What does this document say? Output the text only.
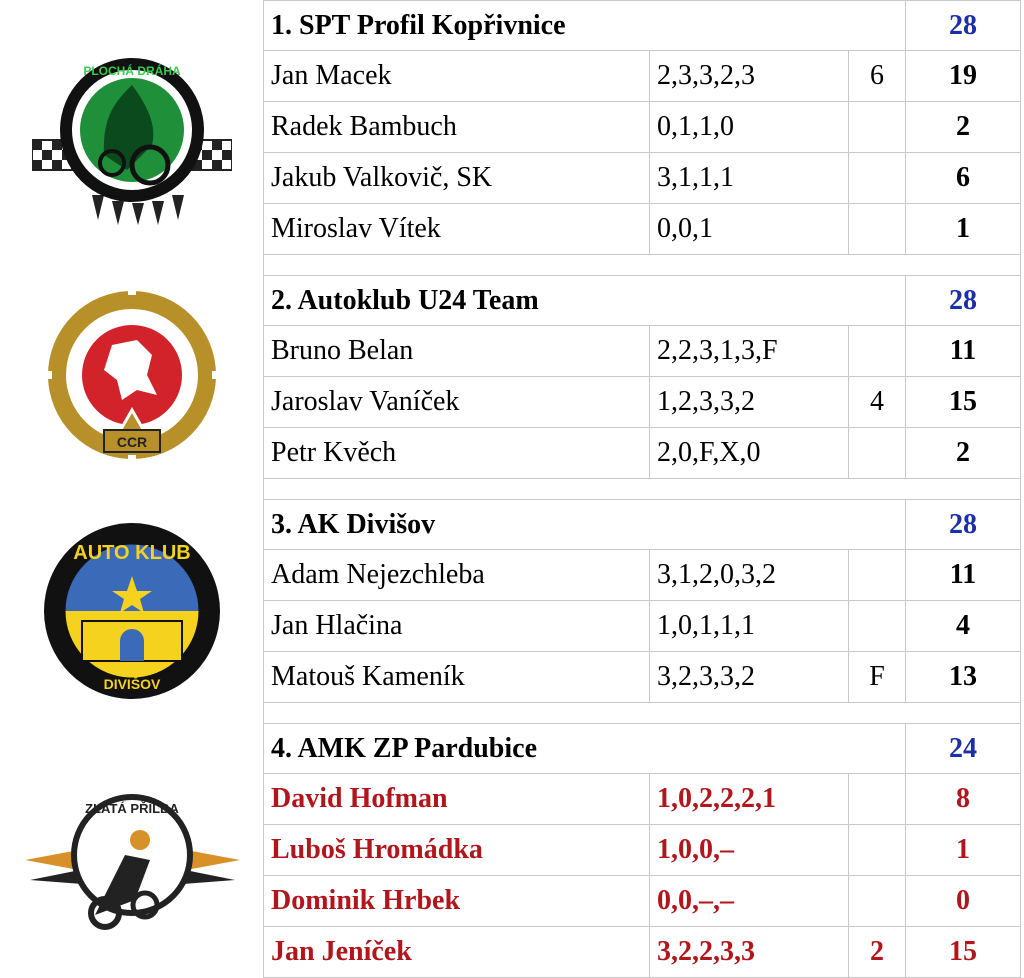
PLOCHÁ DRÁHA
CCR
AUTO KLUB
DIVIŠOV
ZLATÁ PŘILBA
1. SPT Profil Kopřivnice			28
Jan Macek	2,3,3,2,3	6	19
Radek Bambuch	0,1,1,0		2
Jakub Valkovič, SK	3,1,1,1		6
Miroslav Vítek	0,0,1		1

2. Autoklub U24 Team			28
Bruno Belan	2,2,3,1,3,F		11
Jaroslav Vaníček	1,2,3,3,2	4	15
Petr Kvěch	2,0,F,X,0		2

3. AK Divišov			28
Adam Nejezchleba	3,1,2,0,3,2		11
Jan Hlačina	1,0,1,1,1		4
Matouš Kameník	3,2,3,3,2	F	13

4. AMK ZP Pardubice			24
David Hofman	1,0,2,2,2,1		8
Luboš Hromádka	1,0,0,–		1
Dominik Hrbek	0,0,–,–		0
Jan Jeníček	3,2,2,3,3	2	15
